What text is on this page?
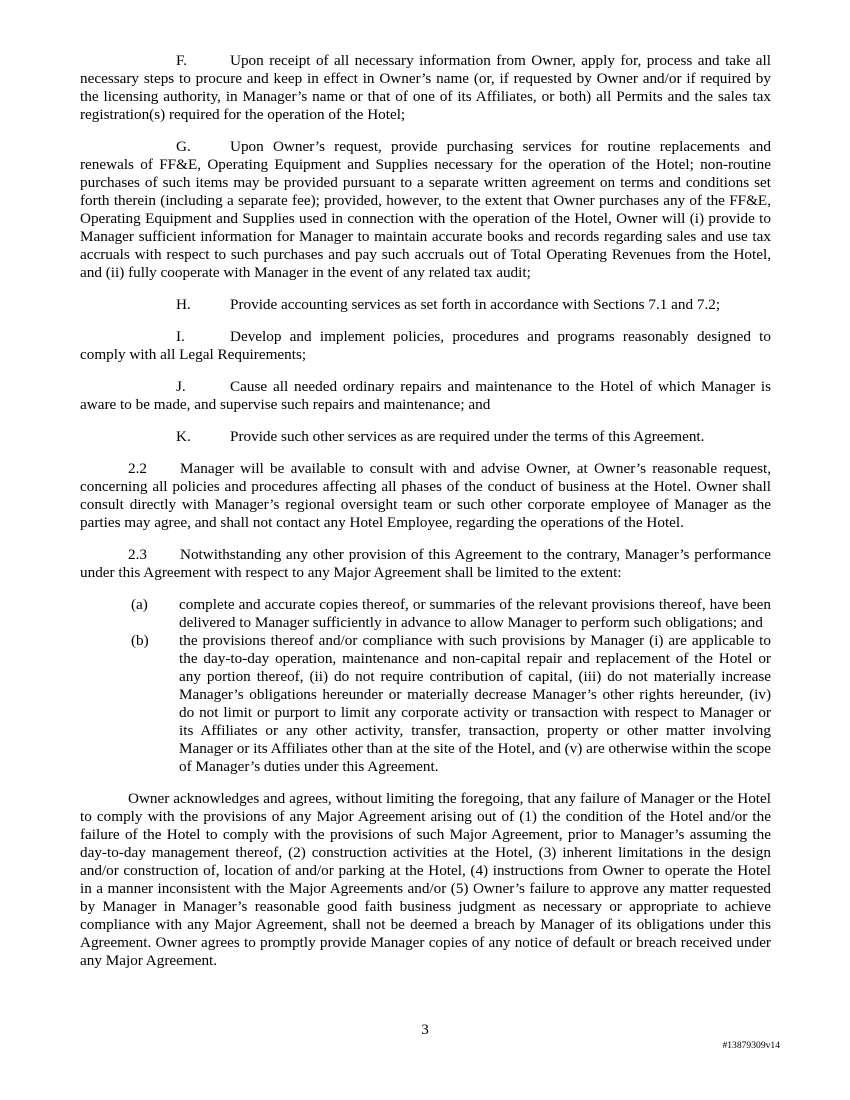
F.	Upon receipt of all necessary information from Owner, apply for, process and take all necessary steps to procure and keep in effect in Owner’s name (or, if requested by Owner and/or if required by the licensing authority, in Manager’s name or that of one of its Affiliates, or both) all Permits and the sales tax registration(s) required for the operation of the Hotel;

G.	Upon Owner’s request, provide purchasing services for routine replacements and renewals of FF&E, Operating Equipment and Supplies necessary for the operation of the Hotel; non-routine purchases of such items may be provided pursuant to a separate written agreement on terms and conditions set forth therein (including a separate fee); provided, however, to the extent that Owner purchases any of the FF&E, Operating Equipment and Supplies used in connection with the operation of the Hotel, Owner will (i) provide to Manager sufficient information for Manager to maintain accurate books and records regarding sales and use tax accruals with respect to such purchases and pay such accruals out of Total Operating Revenues from the Hotel, and (ii) fully cooperate with Manager in the event of any related tax audit;

H.	Provide accounting services as set forth in accordance with Sections 7.1 and 7.2;

I.	Develop and implement policies, procedures and programs reasonably designed to comply with all Legal Requirements;

J.	Cause all needed ordinary repairs and maintenance to the Hotel of which Manager is aware to be made, and supervise such repairs and maintenance; and

K.	Provide such other services as are required under the terms of this Agreement.

2.2 Manager will be available to consult with and advise Owner, at Owner’s reasonable request, concerning all policies and procedures affecting all phases of the conduct of business at the Hotel. Owner shall consult directly with Manager’s regional oversight team or such other corporate employee of Manager as the parties may agree, and shall not contact any Hotel Employee, regarding the operations of the Hotel.

2.3 Notwithstanding any other provision of this Agreement to the contrary, Manager’s performance under this Agreement with respect to any Major Agreement shall be limited to the extent:

(a) complete and accurate copies thereof, or summaries of the relevant provisions thereof, have been delivered to Manager sufficiently in advance to allow Manager to perform such obligations; and

(b) the provisions thereof and/or compliance with such provisions by Manager (i) are applicable to the day-to-day operation, maintenance and non-capital repair and replacement of the Hotel or any portion thereof, (ii) do not require contribution of capital, (iii) do not materially increase Manager’s obligations hereunder or materially decrease Manager’s other rights hereunder, (iv) do not limit or purport to limit any corporate activity or transaction with respect to Manager or its Affiliates or any other activity, transfer, transaction, property or other matter involving Manager or its Affiliates other than at the site of the Hotel, and (v) are otherwise within the scope of Manager’s duties under this Agreement.

Owner acknowledges and agrees, without limiting the foregoing, that any failure of Manager or the Hotel to comply with the provisions of any Major Agreement arising out of (1) the condition of the Hotel and/or the failure of the Hotel to comply with the provisions of such Major Agreement, prior to Manager’s assuming the day-to-day management thereof, (2) construction activities at the Hotel, (3) inherent limitations in the design and/or construction of, location of and/or parking at the Hotel, (4) instructions from Owner to operate the Hotel in a manner inconsistent with the Major Agreements and/or (5) Owner’s failure to approve any matter requested by Manager in Manager’s reasonable good faith business judgment as necessary or appropriate to achieve compliance with any Major Agreement, shall not be deemed a breach by Manager of its obligations under this Agreement. Owner agrees to promptly provide Manager copies of any notice of default or breach received under any Major Agreement.

3
#13879309v14
